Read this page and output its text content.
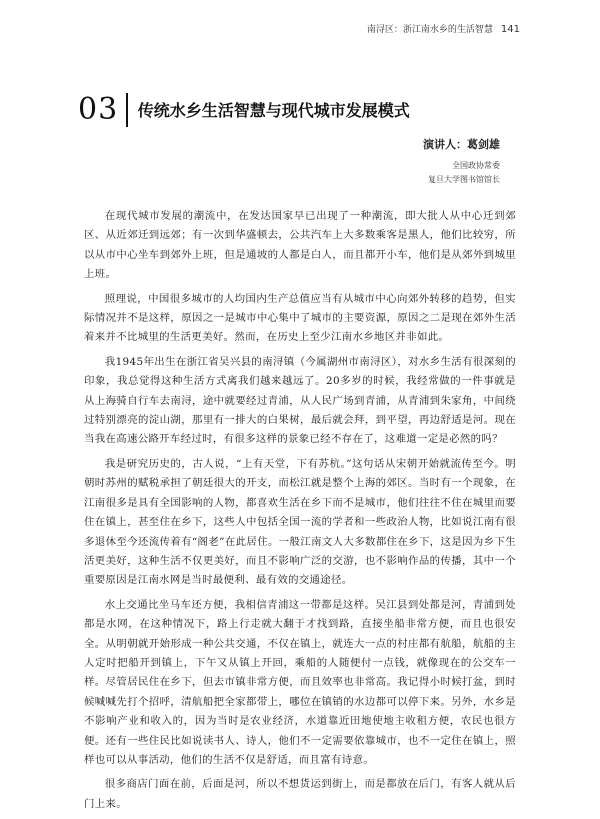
南浔区：浙江南水乡的生活智慧 141
03 传统水乡生活智慧与现代城市发展模式
演讲人：葛剑雄
全国政协常委
复旦大学图书馆馆长

在现代城市发展的潮流中，在发达国家早已出现了一种潮流，即大批人从中心迁到郊区、从近郊迁到远郊；有一次到华盛顿去，公共汽车上大多数乘客是黑人，他们比较穷，所以从市中心坐车到郊外上班，但是通坡的人都是白人，而且都开小车，他们是从郊外到城里上班。

照理说，中国很多城市的人均国内生产总值应当有从城市中心向郊外转移的趋势，但实际情况并不是这样，原因之一是城市中心集中了城市的主要资源，原因之二是现在郊外生活着来并不比城里的生活更美好。然而，在历史上至少江南水乡地区并非如此。

我1945年出生在浙江省吴兴县的南浔镇（今属湖州市南浔区），对水乡生活有很深刻的印象，我总觉得这种生活方式离我们越来越远了。20多岁的时候，我经常做的一件事就是从上海骑自行车去南浔，途中就要经过青浦，从人民广场到青浦，从青浦到朱家角，中间绕过特别漂亮的淀山湖，那里有一排大的白果树，最后就会拜，到平望，再边舒适是河。现在当我在高速公路开车经过时，有很多这样的景象已经不存在了，这难道一定是必然的吗？

我是研究历史的，古人说，“上有天堂，下有苏杭。”这句话从宋朝开始就流传至今。明朝时苏州的赋税承担了朝廷很大的开支，而松江就是整个上海的郊区。当时有一个现象，在江南很多是具有全国影响的人物，都喜欢生活在乡下而不是城市，他们往往不住在城里而要住在镇上，甚至住在乡下，这些人中包括全国一流的学者和一些政治人物，比如说江南有很多退休至今还流传着有“阁老”在此居住。一般江南文人大多数都住在乡下，这是因为乡下生活更美好，这种生活不仅更美好，而且不影响广泛的交游，也不影响作品的传播，其中一个重要原因是江南水网是当时最便利、最有效的交通途径。

水上交通比坐马车还方便，我相信青浦这一带都是这样。吴江县到处都是河，青浦到处都是水网，在这种情况下，路上行走就大翻于才找到路，直接坐船非常方便，而且也很安全。从明朝就开始形成一种公共交通，不仅在镇上，就连大一点的村庄都有航船，航船的主人定时把船开到镇上，下午又从镇上开回，乘船的人随便付一点钱，就像现在的公交车一样。尽管居民住在乡下，但去市镇非常方便，而且效率也非常高。我记得小时候打盆，到时候喊喊先打个招呼，清航船把全家都带上，哪位在镇销的水边都可以停下来。另外，水乡是不影响产业和收入的，因为当时是农业经济，水道靠近田地使地主收租方便，农民也很方便。还有一些住民比如说读书人、诗人，他们不一定需要依靠城市，也不一定住在镇上，照样也可以从事活动，他们的生活不仅是舒适，而且富有诗意。

很多商店门面在前，后面是河，所以不想货运到街上，而是都放在后门，有客人就从后门上来。
